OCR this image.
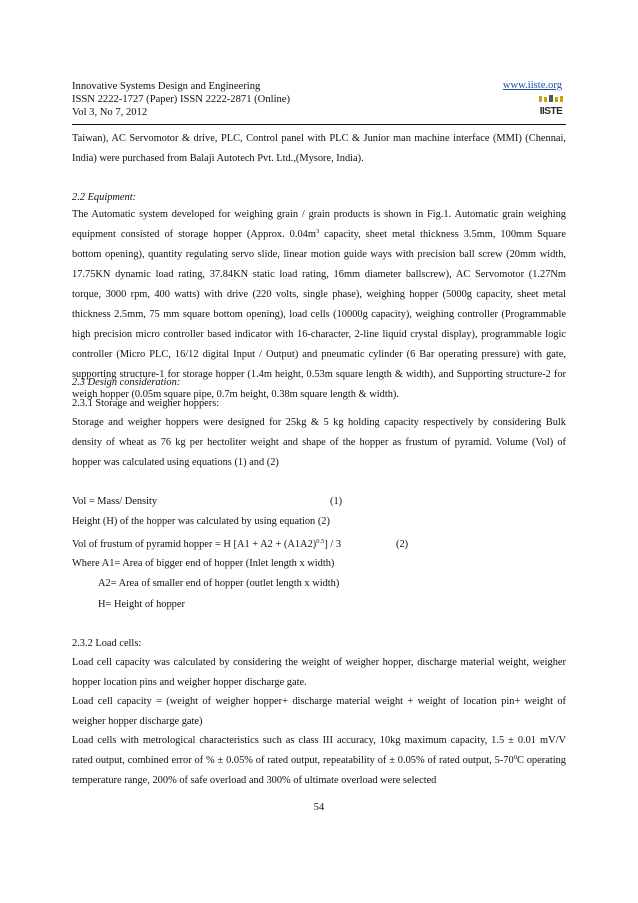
Innovative Systems Design and Engineering
ISSN 2222-1727 (Paper) ISSN 2222-2871 (Online)
Vol 3, No 7, 2012
www.iiste.org
IISTE

Taiwan), AC Servomotor & drive, PLC, Control panel with PLC & Junior man machine interface (MMI) (Chennai, India) were purchased from Balaji Autotech Pvt. Ltd.,(Mysore, India).

2.2 Equipment:

The Automatic system developed for weighing grain / grain products is shown in Fig.1. Automatic grain weighing equipment consisted of storage hopper (Approx. $0.04m^3$ capacity, sheet metal thickness 3.5mm, 100mm Square bottom opening), quantity regulating servo slide, linear motion guide ways with precision ball screw (20mm width, 17.75KN dynamic load rating, 37.84KN static load rating, 16mm diameter ballscrew), AC Servomotor (1.27Nm torque, 3000 rpm, 400 watts) with drive (220 volts, single phase), weighing hopper (5000g capacity, sheet metal thickness 2.5mm, 75 mm square bottom opening), load cells (10000g capacity), weighing controller (Programmable high precision micro controller based indicator with 16-character, 2-line liquid crystal display), programmable logic controller (Micro PLC, 16/12 digital Input / Output) and pneumatic cylinder (6 Bar operating pressure) with gate, supporting structure-1 for storage hopper (1.4m height, 0.53m square length & width), and Supporting structure-2 for weigh hopper (0.05m square pipe, 0.7m height, 0.38m square length & width).

2.3 Design consideration:
2.3.1 Storage and weigher hoppers:

Storage and weigher hoppers were designed for 25kg & 5 kg holding capacity respectively by considering Bulk density of wheat as 76 kg per hectoliter weight and shape of the hopper as frustum of pyramid. Volume (Vol) of hopper was calculated using equations (1) and (2)

Vol = Mass/ Density	(1)
Height (H) of the hopper was calculated by using equation (2)
Vol of frustum of pyramid hopper = H $[A1 + A2 + (A1A2)^{0.5}] / 3$	(2)
Where A1= Area of bigger end of hopper (Inlet length x width)
A2= Area of smaller end of hopper (outlet length x width)
H= Height of hopper
2.3.2 Load cells:

Load cell capacity was calculated by considering the weight of weigher hopper, discharge material weight, weigher hopper location pins and weigher hopper discharge gate.

Load cell capacity = (weight of weigher hopper+ discharge material weight + weight of location pin+ weight of weigher hopper discharge gate)

Load cells with metrological characteristics such as class III accuracy, 10kg maximum capacity, 1.5 ± 0.01 mV/V rated output, combined error of % ± 0.05% of rated output, repeatability of ± 0.05% of rated output, $5-70^0C$ operating temperature range, 200% of safe overload and 300% of ultimate overload were selected

54
